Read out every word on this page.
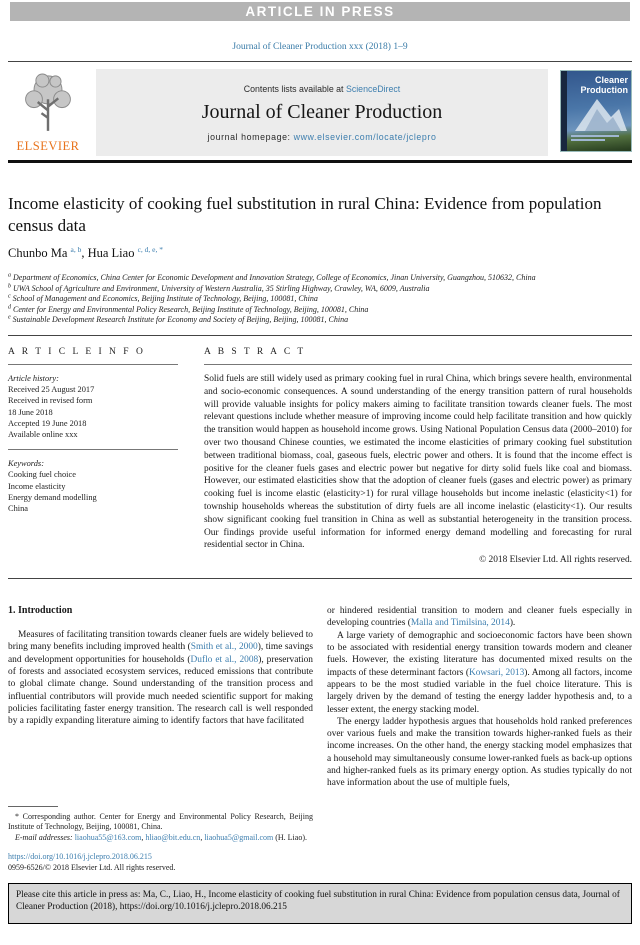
ARTICLE IN PRESS
Journal of Cleaner Production xxx (2018) 1–9
ELSEVIER
Contents lists available at ScienceDirect
Journal of Cleaner Production
journal homepage: www.elsevier.com/locate/jclepro
Cleaner
Production
Income elasticity of cooking fuel substitution in rural China: Evidence from population census data
Chunbo Ma $^{a, b}$, Hua Liao $^{c, d, e, *}$
$^a$ Department of Economics, China Center for Economic Development and Innovation Strategy, College of Economics, Jinan University, Guangzhou, 510632, China
$^b$ UWA School of Agriculture and Environment, University of Western Australia, 35 Stirling Highway, Crawley, WA, 6009, Australia
$^c$ School of Management and Economics, Beijing Institute of Technology, Beijing, 100081, China
$^d$ Center for Energy and Environmental Policy Research, Beijing Institute of Technology, Beijing, 100081, China
$^e$ Sustainable Development Research Institute for Economy and Society of Beijing, Beijing, 100081, China
A R T I C L E I N F O
Article history:
Received 25 August 2017
Received in revised form
18 June 2018
Accepted 19 June 2018
Available online xxx
Keywords:
Cooking fuel choice
Income elasticity
Energy demand modelling
China
A B S T R A C T
Solid fuels are still widely used as primary cooking fuel in rural China, which brings severe health, environmental and socio-economic consequences. A sound understanding of the energy transition pattern of rural households will provide valuable insights for policy makers aiming to facilitate transition towards cleaner fuels. The most relevant questions include whether measure of improving income could help facilitate transition and how quickly the transition would happen as household income grows. Using National Population Census data (2000–2010) for over two thousand Chinese counties, we estimated the income elasticities of primary cooking fuel substitution between traditional biomass, coal, gaseous fuels, electric power and others. It is found that the income effect is positive for the cleaner fuels gases and electric power but negative for dirty solid fuels like coal and biomass. However, our estimated elasticities show that the adoption of cleaner fuels (gases and electric power) as primary cooking fuel is income elastic (elasticity>1) for rural village households but income inelastic (elasticity<1) for township households whereas the substitution of dirty fuels are all income inelastic (elasticity<1). Our results show significant cooking fuel transition in China as well as substantial heterogeneity in the transition process. Our findings provide useful information for informed energy demand modelling and forecasting for rural residential sector in China.
© 2018 Elsevier Ltd. All rights reserved.
1. Introduction

Measures of facilitating transition towards cleaner fuels are widely believed to bring many benefits including improved health (Smith et al., 2000), time savings and development opportunities for households (Duflo et al., 2008), preservation of forests and associated ecosystem services, reduced emissions that contribute to global climate change. Sound understanding of the transition process and influential contributors will provide much needed scientific support for making policies facilitating faster energy transition. The research call is well responded by a rapidly expanding literature aiming to identify factors that have facilitated

* Corresponding author. Center for Energy and Environmental Policy Research, Beijing Institute of Technology, Beijing, 100081, China.

E-mail addresses: liaohua55@163.com, hliao@bit.edu.cn, liaohua5@gmail.com (H. Liao).

https://doi.org/10.1016/j.jclepro.2018.06.215
0959-6526/© 2018 Elsevier Ltd. All rights reserved.

or hindered residential transition to modern and cleaner fuels especially in developing countries (Malla and Timilsina, 2014).

A large variety of demographic and socioeconomic factors have been shown to be associated with residential energy transition towards modern and cleaner fuels. However, the existing literature has documented mixed results on the impacts of these determinant factors (Kowsari, 2013). Among all factors, income appears to be the most studied variable in the fuel choice literature. This is largely driven by the demand of testing the energy ladder hypothesis and, to a lesser extent, the energy stacking model.

The energy ladder hypothesis argues that households hold ranked preferences over various fuels and make the transition towards higher-ranked fuels as their income increases. On the other hand, the energy stacking model emphasizes that a household may simultaneously consume lower-ranked fuels as back-up options and higher-ranked fuels as its primary energy option. As studies typically do not have information about the use of multiple fuels,

Please cite this article in press as: Ma, C., Liao, H., Income elasticity of cooking fuel substitution in rural China: Evidence from population census data, Journal of Cleaner Production (2018), https://doi.org/10.1016/j.jclepro.2018.06.215
